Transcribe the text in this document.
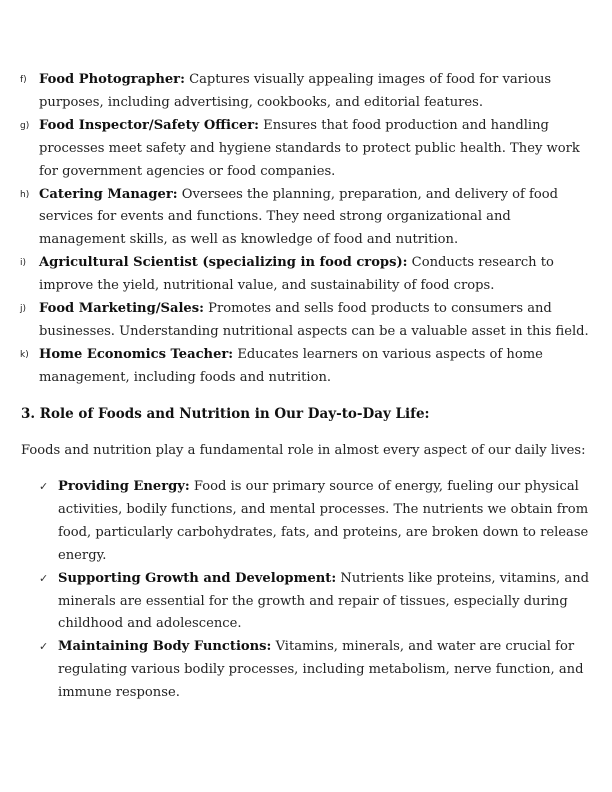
f) Food Photographer: Captures visually appealing images of food for various purposes, including advertising, cookbooks, and editorial features.
g) Food Inspector/Safety Officer: Ensures that food production and handling processes meet safety and hygiene standards to protect public health. They work for government agencies or food companies.
h) Catering Manager: Oversees the planning, preparation, and delivery of food services for events and functions. They need strong organizational and management skills, as well as knowledge of food and nutrition.
i) Agricultural Scientist (specializing in food crops): Conducts research to improve the yield, nutritional value, and sustainability of food crops.
j) Food Marketing/Sales: Promotes and sells food products to consumers and businesses. Understanding nutritional aspects can be a valuable asset in this field.
k) Home Economics Teacher: Educates learners on various aspects of home management, including foods and nutrition.
3. Role of Foods and Nutrition in Our Day-to-Day Life:

Foods and nutrition play a fundamental role in almost every aspect of our daily lives:

✓ Providing Energy: Food is our primary source of energy, fueling our physical activities, bodily functions, and mental processes. The nutrients we obtain from food, particularly carbohydrates, fats, and proteins, are broken down to release energy.
✓ Supporting Growth and Development: Nutrients like proteins, vitamins, and minerals are essential for the growth and repair of tissues, especially during childhood and adolescence.
✓ Maintaining Body Functions: Vitamins, minerals, and water are crucial for regulating various bodily processes, including metabolism, nerve function, and immune response.
